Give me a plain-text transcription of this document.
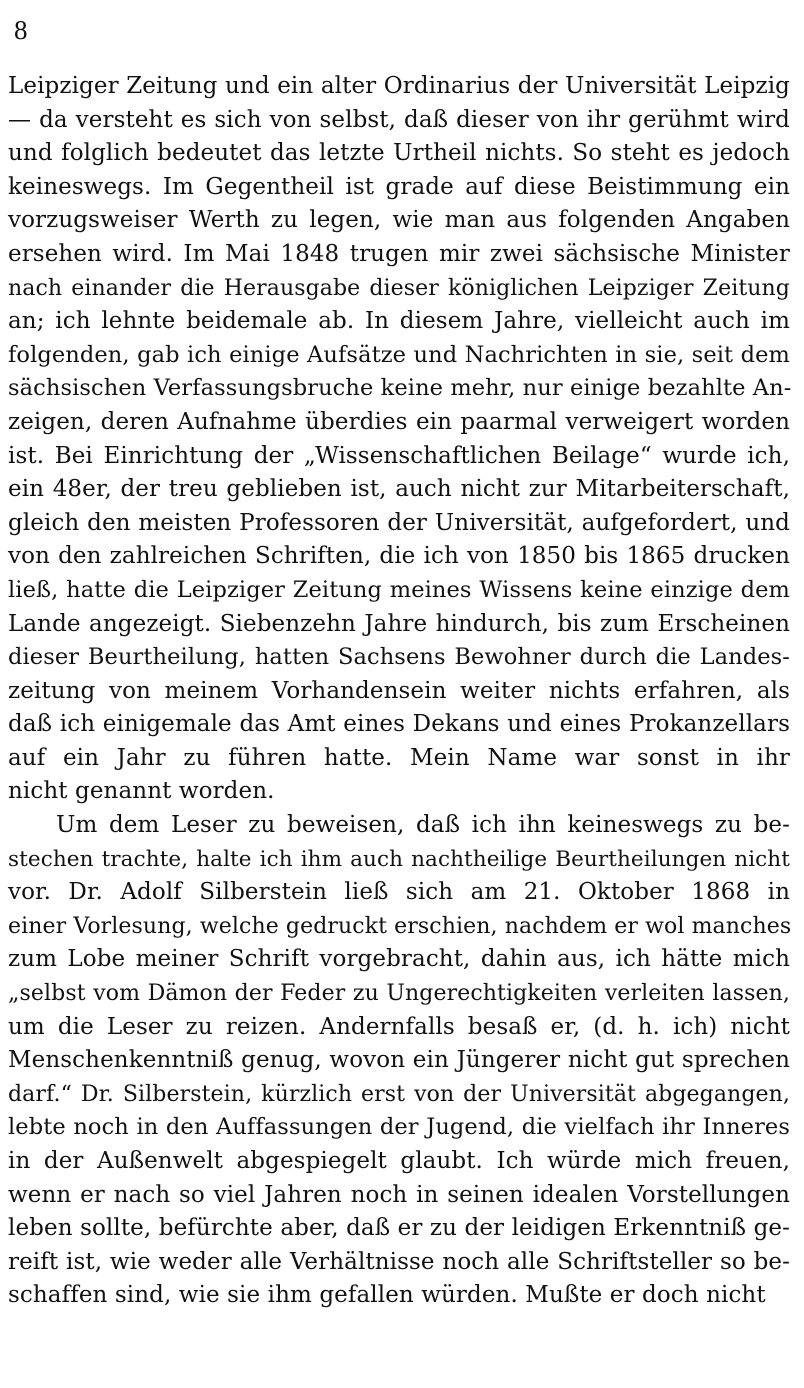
8
Leipziger Zeitung und ein alter Ordinarius der Universität Leipzig
— da versteht es sich von selbst, daß dieser von ihr gerühmt wird
und folglich bedeutet das letzte Urtheil nichts. So steht es jedoch
keineswegs. Im Gegentheil ist grade auf diese Beistimmung ein
vorzugsweiser Werth zu legen, wie man aus folgenden Angaben
ersehen wird. Im Mai 1848 trugen mir zwei sächsische Minister
nach einander die Herausgabe dieser königlichen Leipziger Zeitung
an; ich lehnte beidemale ab. In diesem Jahre, vielleicht auch im
folgenden, gab ich einige Aufsätze und Nachrichten in sie, seit dem
sächsischen Verfassungsbruche keine mehr, nur einige bezahlte An-
zeigen, deren Aufnahme überdies ein paarmal verweigert worden
ist. Bei Einrichtung der „Wissenschaftlichen Beilage“ wurde ich,
ein 48er, der treu geblieben ist, auch nicht zur Mitarbeiterschaft,
gleich den meisten Professoren der Universität, aufgefordert, und
von den zahlreichen Schriften, die ich von 1850 bis 1865 drucken
ließ, hatte die Leipziger Zeitung meines Wissens keine einzige dem
Lande angezeigt. Siebenzehn Jahre hindurch, bis zum Erscheinen
dieser Beurtheilung, hatten Sachsens Bewohner durch die Landes-
zeitung von meinem Vorhandensein weiter nichts erfahren, als
daß ich einigemale das Amt eines Dekans und eines Prokanzellars
auf ein Jahr zu führen hatte. Mein Name war sonst in ihr
nicht genannt worden.
Um dem Leser zu beweisen, daß ich ihn keineswegs zu be-
stechen trachte, halte ich ihm auch nachtheilige Beurtheilungen nicht
vor. Dr. Adolf Silberstein ließ sich am 21. Oktober 1868 in
einer Vorlesung, welche gedruckt erschien, nachdem er wol manches
zum Lobe meiner Schrift vorgebracht, dahin aus, ich hätte mich
„selbst vom Dämon der Feder zu Ungerechtigkeiten verleiten lassen,
um die Leser zu reizen. Andernfalls besaß er, (d. h. ich) nicht
Menschenkenntniß genug, wovon ein Jüngerer nicht gut sprechen
darf.“ Dr. Silberstein, kürzlich erst von der Universität abgegangen,
lebte noch in den Auffassungen der Jugend, die vielfach ihr Inneres
in der Außenwelt abgespiegelt glaubt. Ich würde mich freuen,
wenn er nach so viel Jahren noch in seinen idealen Vorstellungen
leben sollte, befürchte aber, daß er zu der leidigen Erkenntniß ge-
reift ist, wie weder alle Verhältnisse noch alle Schriftsteller so be-
schaffen sind, wie sie ihm gefallen würden. Mußte er doch nicht
